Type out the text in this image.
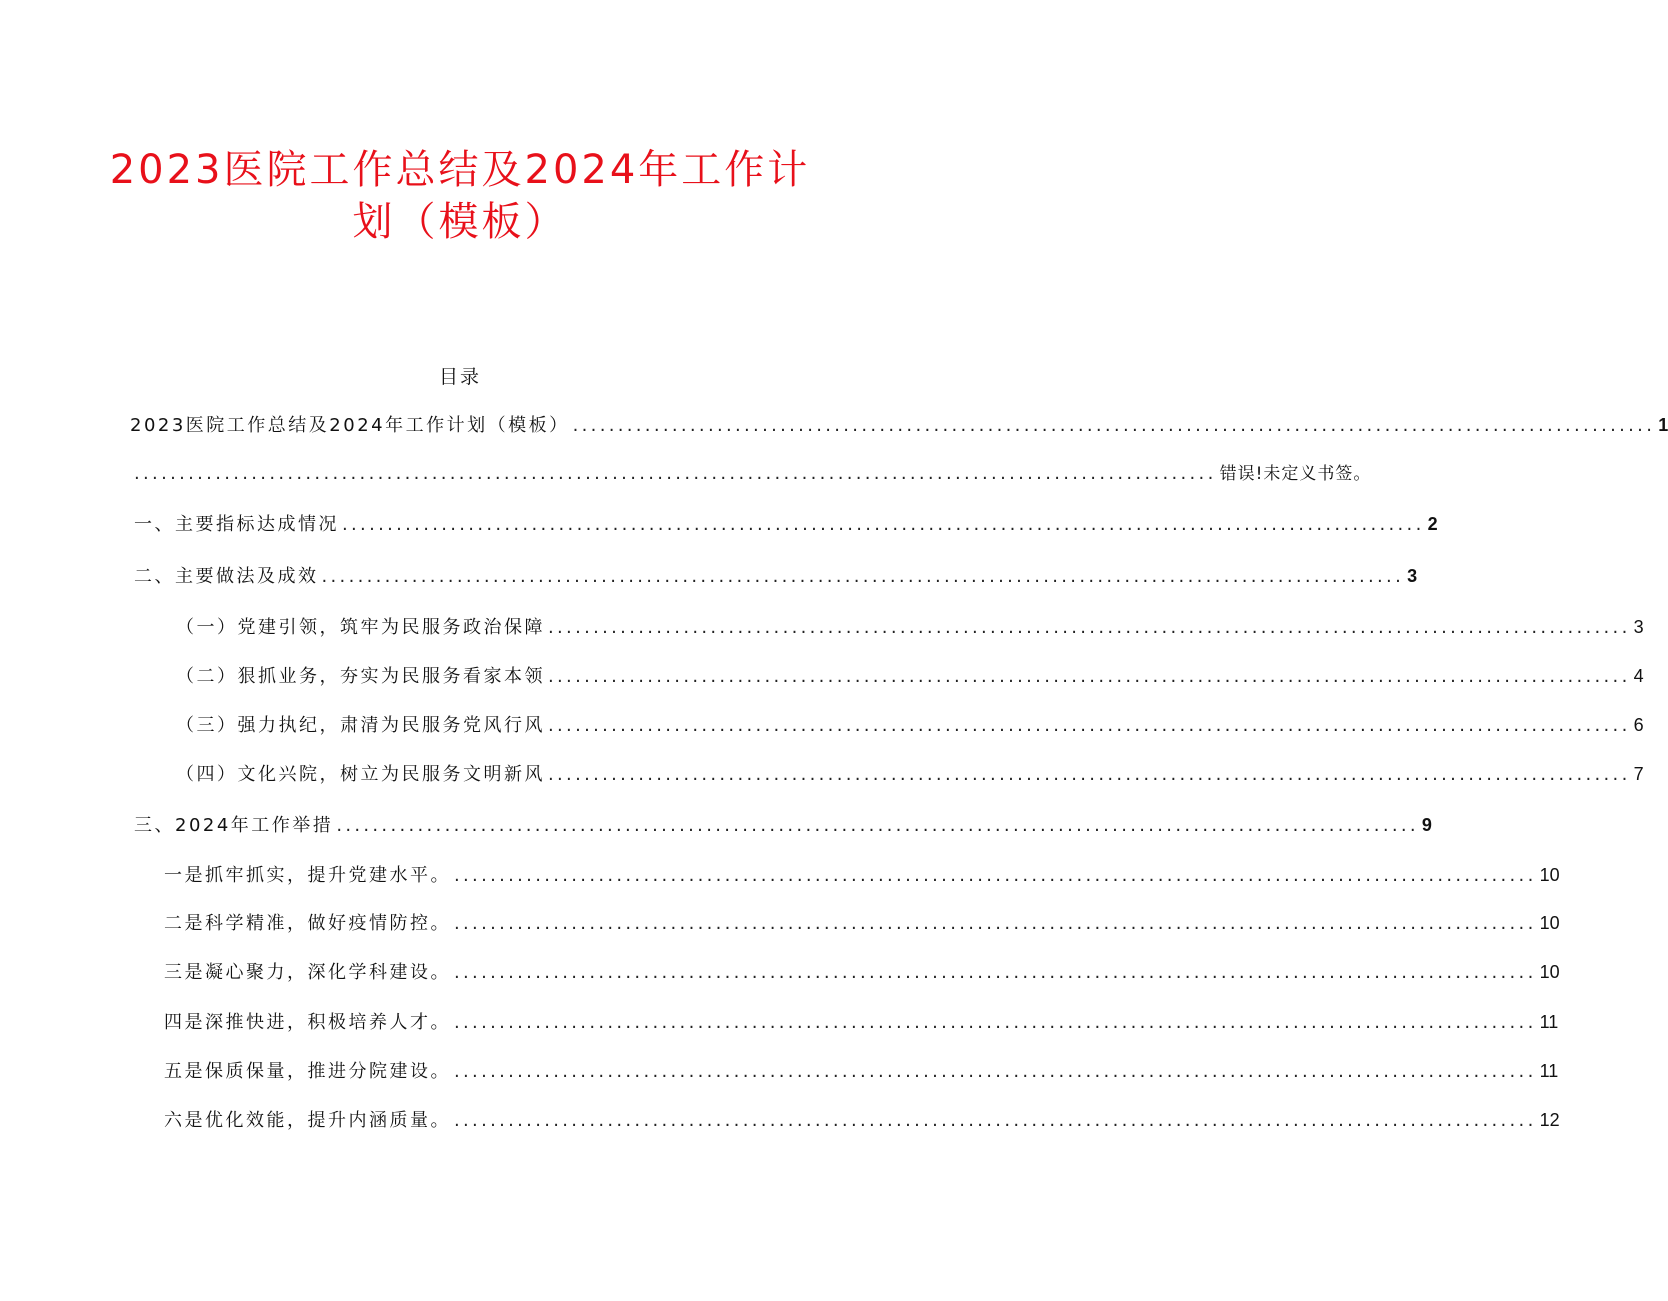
2023医院工作总结及2024年工作计
划（模板）
目录
2023医院工作总结及2024年工作计划（模板） ........................................................................................................................ 1
........................................................................................................................ 错误!未定义书签。
一、主要指标达成情况 ........................................................................................................................ 2
二、主要做法及成效 ........................................................................................................................ 3
（一）党建引领，筑牢为民服务政治保障 ........................................................................................................................ 3
（二）狠抓业务，夯实为民服务看家本领 ........................................................................................................................ 4
（三）强力执纪，肃清为民服务党风行风 ........................................................................................................................ 6
（四）文化兴院，树立为民服务文明新风 ........................................................................................................................ 7
三、2024年工作举措 ........................................................................................................................ 9
一是抓牢抓实，提升党建水平。 ........................................................................................................................ 10
二是科学精准，做好疫情防控。 ........................................................................................................................ 10
三是凝心聚力，深化学科建设。 ........................................................................................................................ 10
四是深推快进，积极培养人才。 ........................................................................................................................ 11
五是保质保量，推进分院建设。 ........................................................................................................................ 11
六是优化效能，提升内涵质量。 ........................................................................................................................ 12
